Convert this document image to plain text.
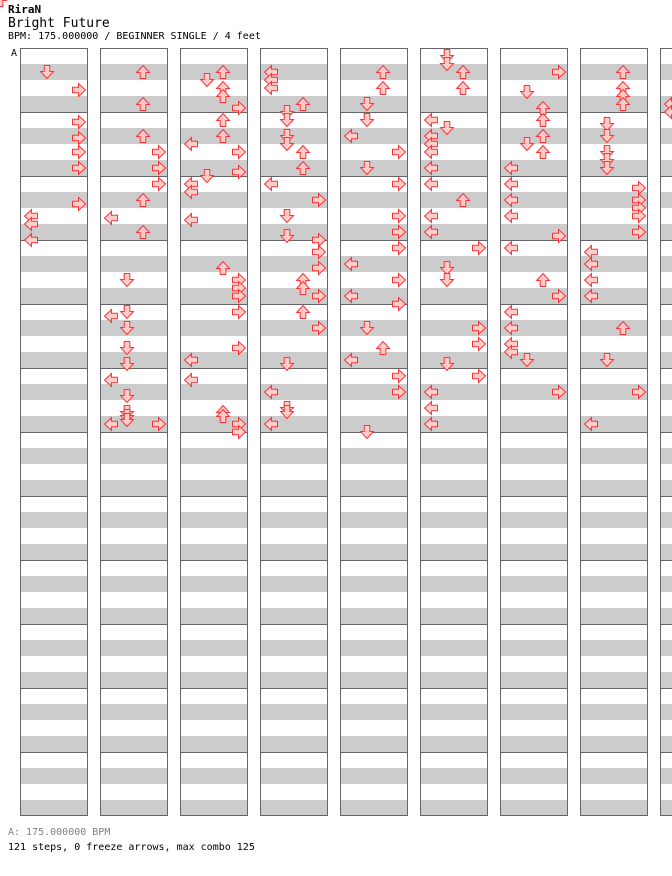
RiraN
Bright Future
BPM: 175.000000 / BEGINNER SINGLE / 4 feet
A
A: 175.000000 BPM
121 steps, 0 freeze arrows, max combo 125
